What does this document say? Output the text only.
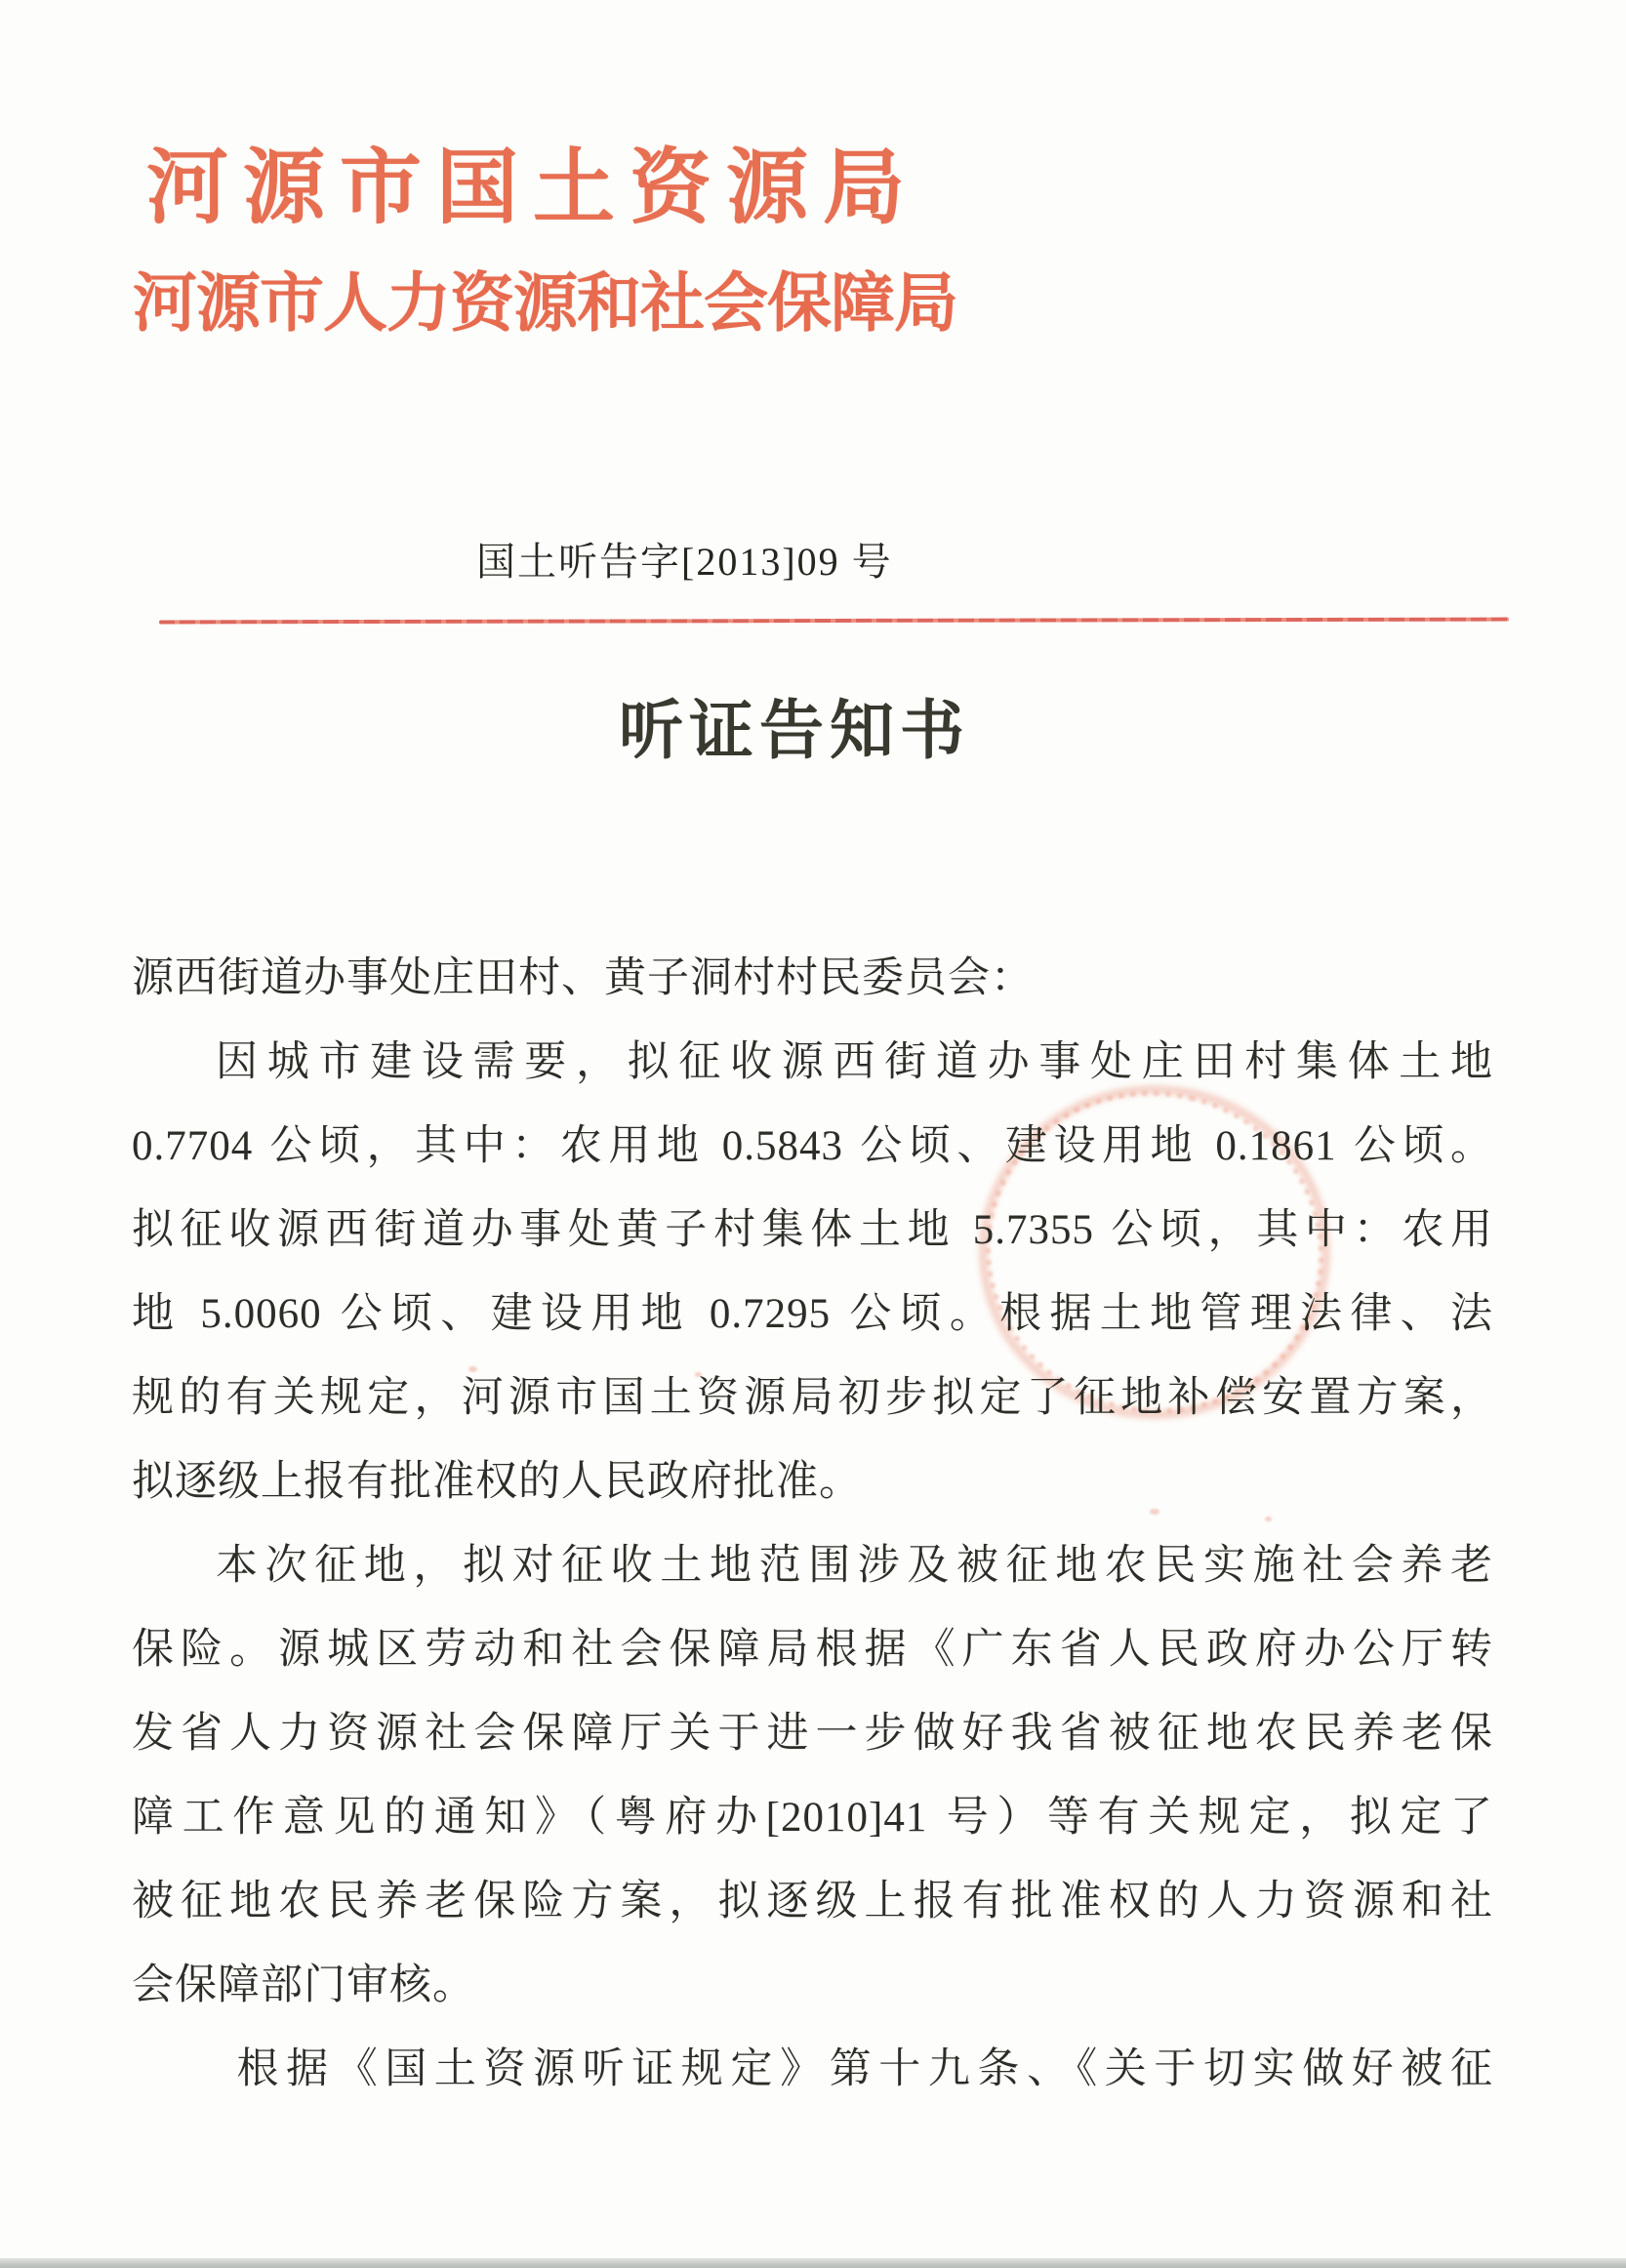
河源市国土资源局
河源市人力资源和社会保障局
国土听告字[2013]09 号
听证告知书
源西街道办事处庄田村、黄子洞村村民委员会：
因城市建设需要，拟征收源西街道办事处庄田村集体土地
0.7704 公顷，其中：农用地 0.5843 公顷、建设用地 0.1861 公顷。
拟征收源西街道办事处黄子村集体土地 5.7355 公顷，其中：农用
地 5.0060 公顷、建设用地 0.7295 公顷。根据土地管理法律、法
规的有关规定，河源市国土资源局初步拟定了征地补偿安置方案，
拟逐级上报有批准权的人民政府批准。
本次征地，拟对征收土地范围涉及被征地农民实施社会养老
保险。源城区劳动和社会保障局根据《广东省人民政府办公厅转
发省人力资源社会保障厅关于进一步做好我省被征地农民养老保
障工作意见的通知》（粤府办[2010]41 号）等有关规定，拟定了
被征地农民养老保险方案，拟逐级上报有批准权的人力资源和社
会保障部门审核。
根据《国土资源听证规定》第十九条、《关于切实做好被征
